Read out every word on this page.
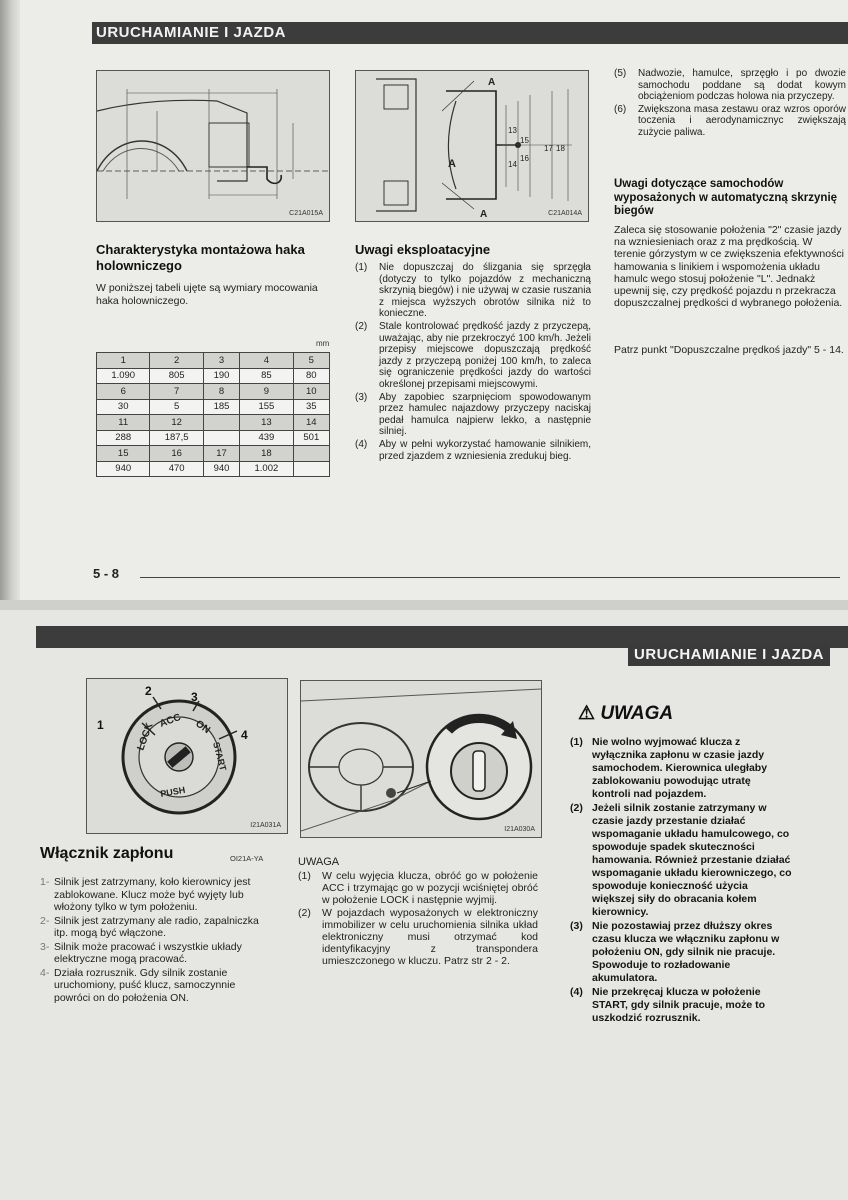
URUCHAMIANIE I JAZDA
C21A015A
A
A
A
13
15
17 18
14
16
C21A014A
Charakterystyka montażowa haka holowniczego
W poniższej tabeli ujęte są wymiary mocowania haka holowniczego.
mm
1	2	3	4	5
1.090	805	190	85	80
6	7	8	9	10
30	5	185	155	35
11	12		13	14
288	187,5		439	501
15	16	17	18	
940	470	940	1.002	
Uwagi eksploatacyjne
(1) Nie dopuszczaj do ślizgania się sprzęgła (dotyczy to tylko pojazdów z mechaniczną skrzynią biegów) i nie używaj w czasie ruszania z miejsca wyższych obrotów silnika niż to konieczne.
(2) Stale kontrolować prędkość jazdy z przyczepą, uważając, aby nie przekroczyć 100 km/h. Jeżeli przepisy miejscowe dopuszczają prędkość jazdy z przyczepą poniżej 100 km/h, to zaleca się ograniczenie prędkości jazdy do wartości określonej przepisami miejscowymi.
(3) Aby zapobiec szarpnięciom spowodowanym przez hamulec najazdowy przyczepy naciskaj pedał hamulca najpierw lekko, a następnie silniej.
(4) Aby w pełni wykorzystać hamowanie silnikiem, przed zjazdem z wzniesienia zredukuj bieg.
(5) Nadwozie, hamulce, sprzęgło i po dwozie samochodu poddane są dodat kowym obciążeniom podczas holowa nia przyczepy.
(6) Zwiększona masa zestawu oraz wzros oporów toczenia i aerodynamicznyc zwiększają zużycie paliwa.
Uwagi dotyczące samochodów wyposażonych w automatyczną skrzynię biegów
Zaleca się stosowanie położenia "2" czasie jazdy na wzniesieniach oraz z ma prędkością. W terenie górzystym w ce zwiększenia efektywności hamowania s linikiem i wspomożenia układu hamulc wego stosuj położenie "L". Jednakż upewnij się, czy prędkość pojazdu n przekracza dopuszczalnej prędkości d wybranego położenia.
Patrz punkt "Dopuszczalne prędkoś jazdy" 5 - 14.
5 - 8
URUCHAMIANIE I JAZDA
LOCK
ACC ON
START
PUSH
1
2	3
4
I21A031A
I21A030A
Włącznik zapłonu	OI21A-YA
1- Silnik jest zatrzymany, koło kierownicy jest zablokowane. Klucz może być wyjęty lub włożony tylko w tym położeniu.
2- Silnik jest zatrzymany ale radio, zapalniczka itp. mogą być włączone.
3- Silnik może pracować i wszystkie układy elektryczne mogą pracować.
4- Działa rozrusznik. Gdy silnik zostanie uruchomiony, puść klucz, samoczynnie powróci on do położenia ON.
UWAGA
(1) W celu wyjęcia klucza, obróć go w położenie ACC i trzymając go w pozycji wciśniętej obróć w położenie LOCK i następnie wyjmij.
(2) W pojazdach wyposażonych w elektroniczny immobilizer w celu uruchomienia silnika układ elektroniczny musi otrzymać kod identyfikacyjny z transpondera umieszczonego w kluczu. Patrz str 2 - 2.
⚠ UWAGA
(1) Nie wolno wyjmować klucza z wyłącznika zapłonu w czasie jazdy samochodem. Kierownica uległaby zablokowaniu powodując utratę kontroli nad pojazdem.
(2) Jeżeli silnik zostanie zatrzymany w czasie jazdy przestanie działać wspomaganie układu hamulcowego, co spowoduje spadek skuteczności hamowania. Również przestanie działać wspomaganie układu kierowniczego, co spowoduje konieczność użycia większej siły do obracania kołem kierownicy.
(3) Nie pozostawiaj przez dłuższy okres czasu klucza we włączniku zapłonu w położeniu ON, gdy silnik nie pracuje. Spowoduje to rozładowanie akumulatora.
(4) Nie przekręcaj klucza w położenie START, gdy silnik pracuje, może to uszkodzić rozrusznik.
